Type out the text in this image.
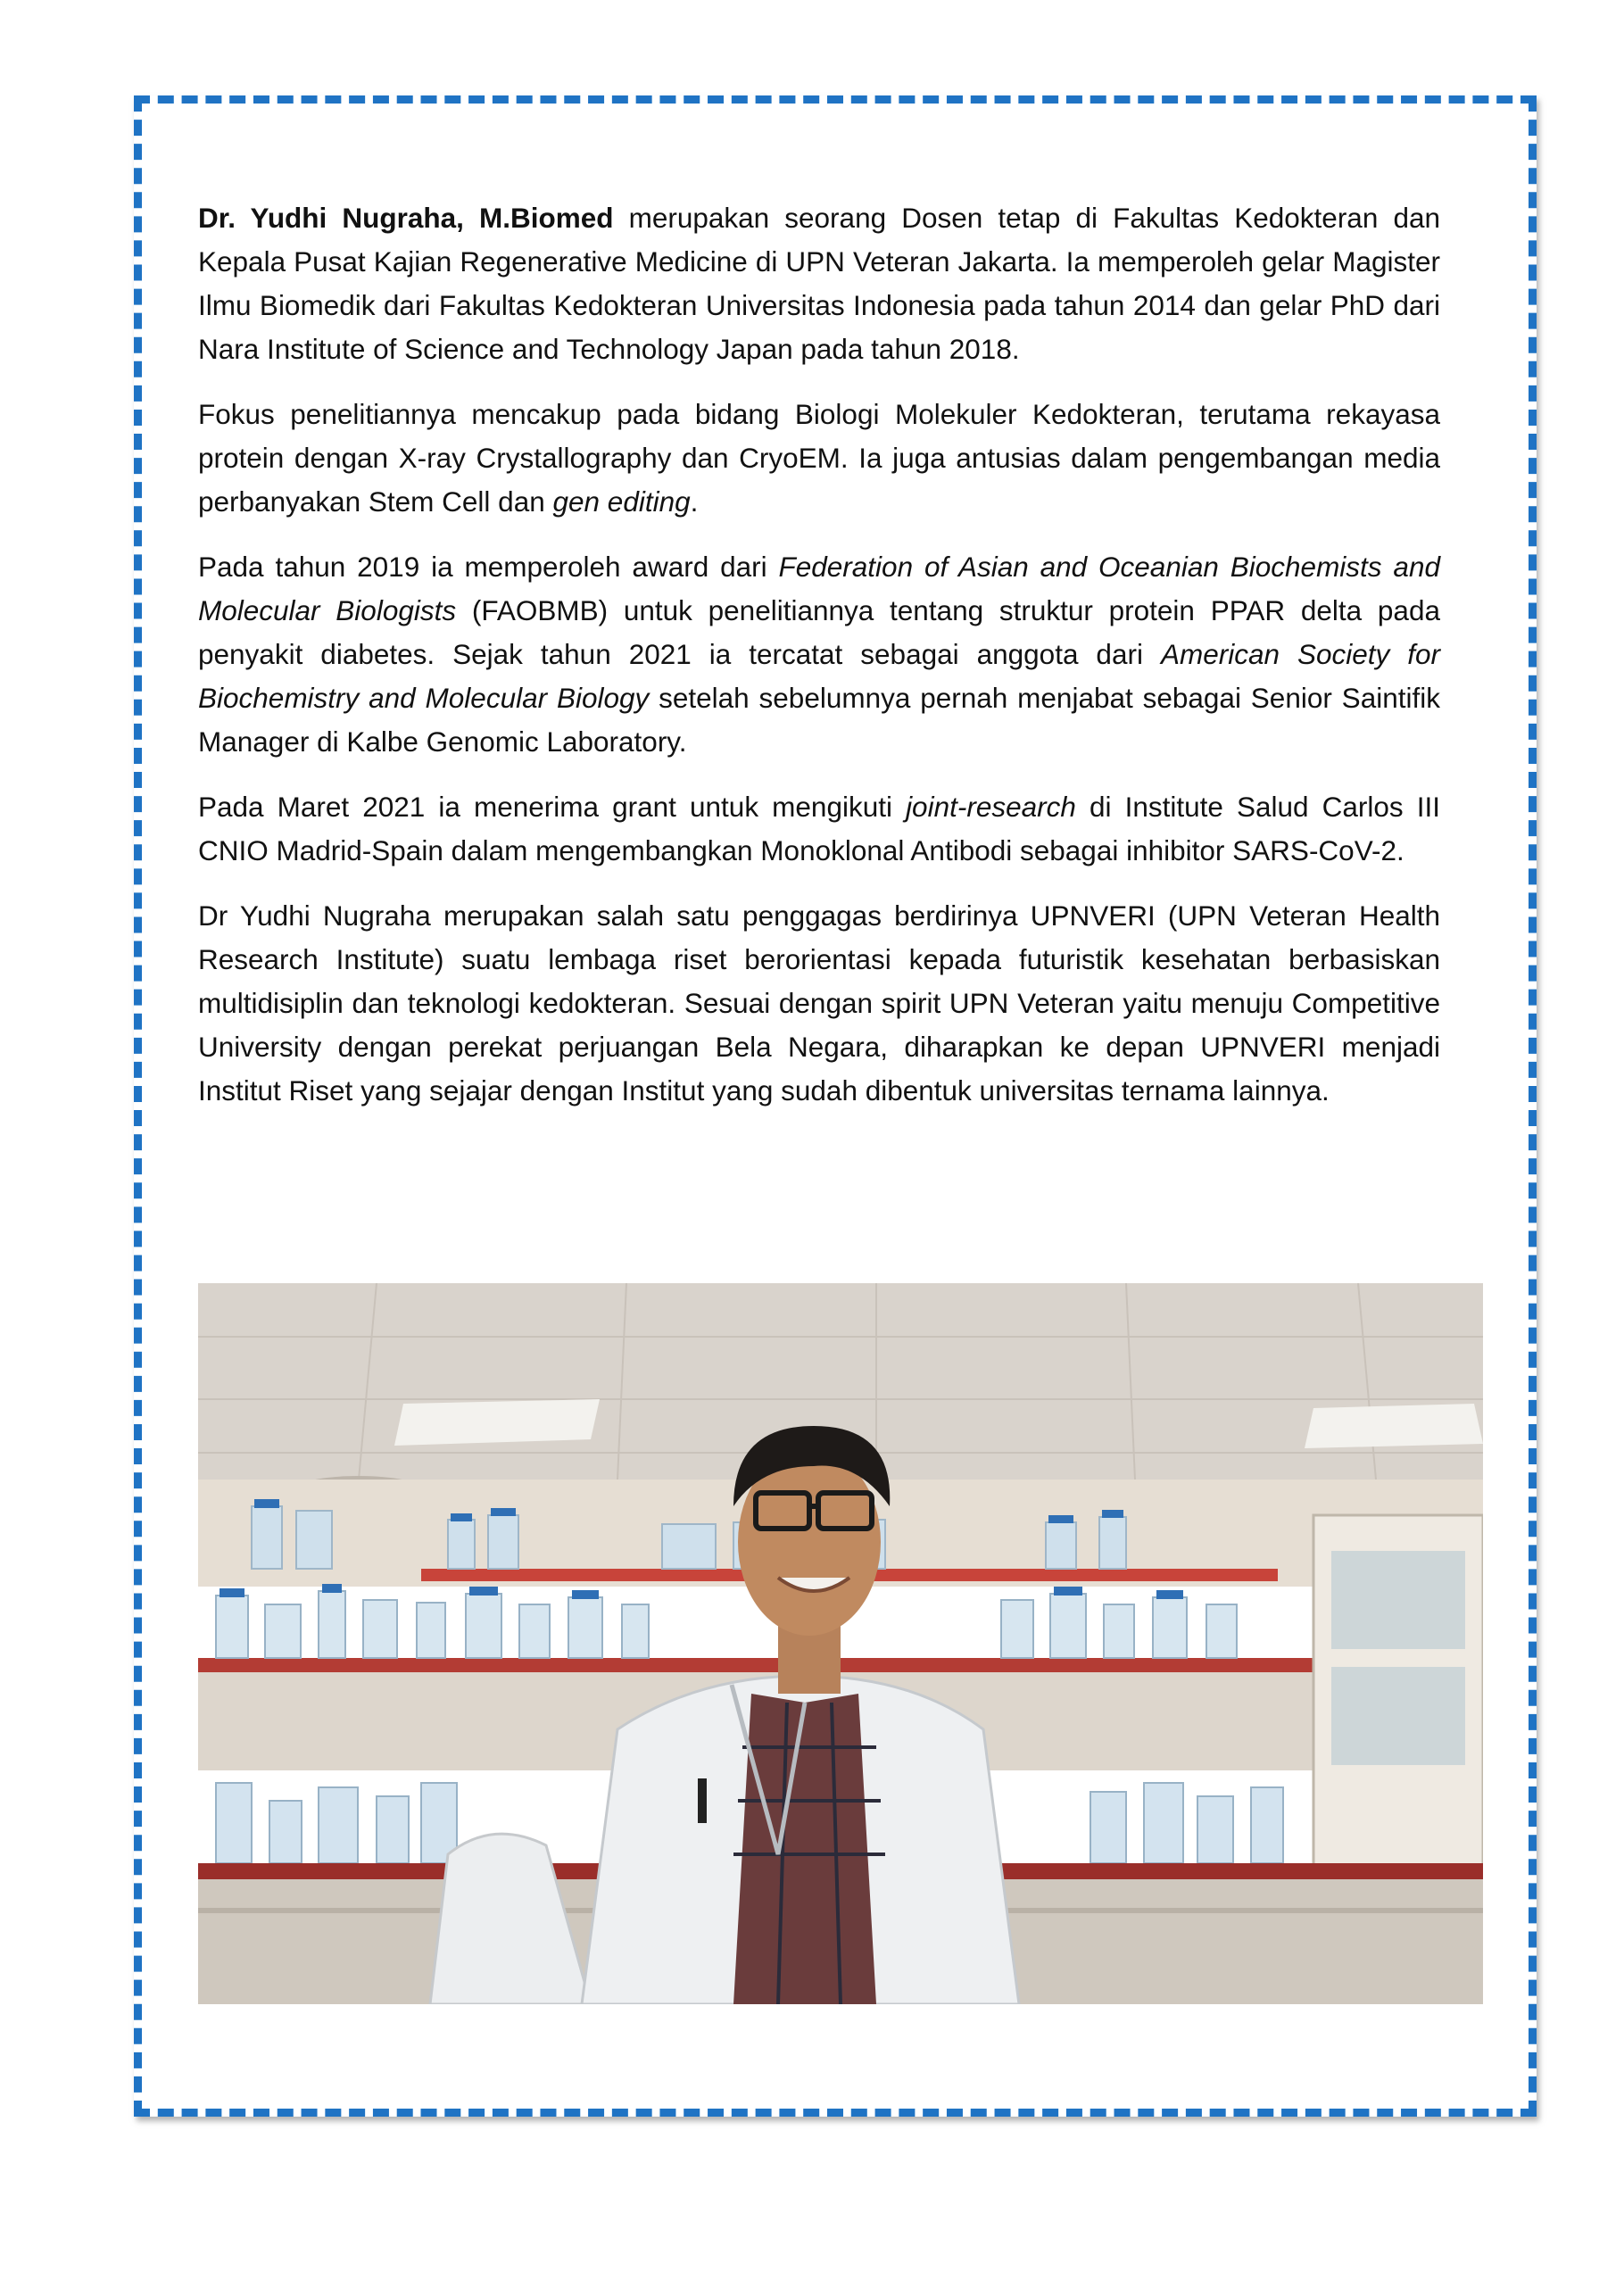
Dr. Yudhi Nugraha, M.Biomed merupakan seorang Dosen tetap di Fakultas Kedokteran dan Kepala Pusat Kajian Regenerative Medicine di UPN Veteran Jakarta. Ia memperoleh gelar Magister Ilmu Biomedik dari Fakultas Kedokteran Universitas Indonesia pada tahun 2014 dan gelar PhD dari Nara Institute of Science and Technology Japan pada tahun 2018.

Fokus penelitiannya mencakup pada bidang Biologi Molekuler Kedokteran, terutama rekayasa protein dengan X-ray Crystallography dan CryoEM. Ia juga antusias dalam pengembangan media perbanyakan Stem Cell dan gen editing.

Pada tahun 2019 ia memperoleh award dari Federation of Asian and Oceanian Biochemists and Molecular Biologists (FAOBMB) untuk penelitiannya tentang struktur protein PPAR delta pada penyakit diabetes. Sejak tahun 2021 ia tercatat sebagai anggota dari American Society for Biochemistry and Molecular Biology setelah sebelumnya pernah menjabat sebagai Senior Saintifik Manager di Kalbe Genomic Laboratory.

Pada Maret 2021 ia menerima grant untuk mengikuti joint-research di Institute Salud Carlos III CNIO Madrid-Spain dalam mengembangkan Monoklonal Antibodi sebagai inhibitor SARS-CoV-2.

Dr Yudhi Nugraha merupakan salah satu penggagas berdirinya UPNVERI (UPN Veteran Health Research Institute) suatu lembaga riset berorientasi kepada futuristik kesehatan berbasiskan multidisiplin dan teknologi kedokteran. Sesuai dengan spirit UPN Veteran yaitu menuju Competitive University dengan perekat perjuangan Bela Negara, diharapkan ke depan UPNVERI menjadi Institut Riset yang sejajar dengan Institut yang sudah dibentuk universitas ternama lainnya.
